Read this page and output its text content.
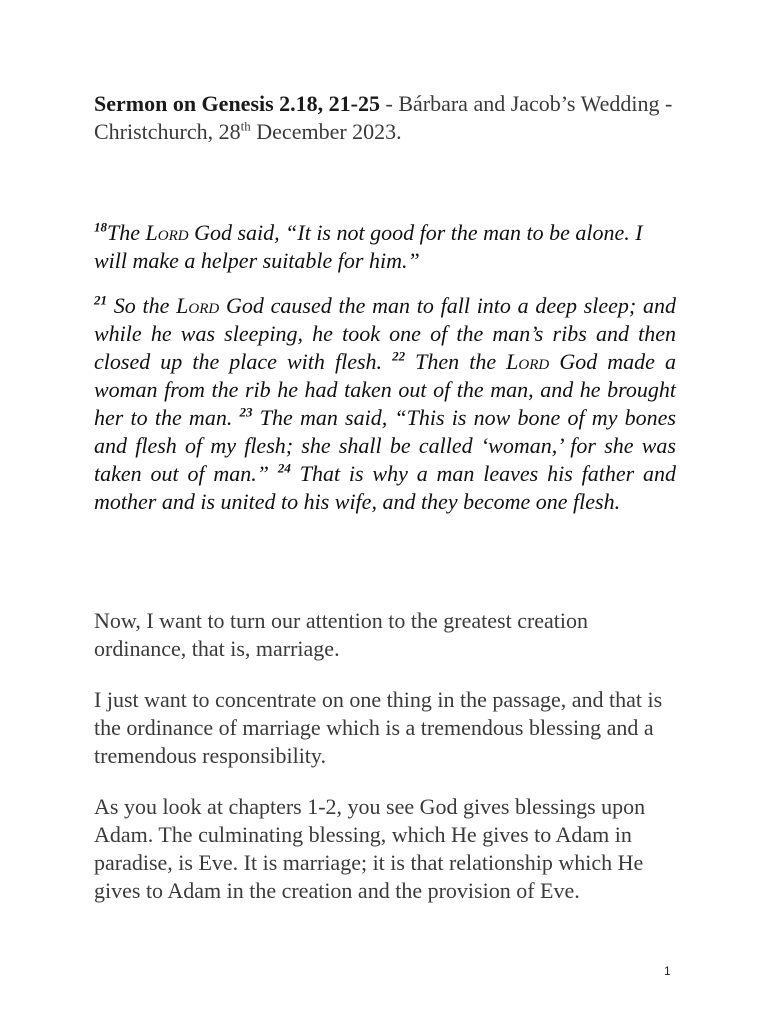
Sermon on Genesis 2.18, 21-25 - Bárbara and Jacob’s Wedding - Christchurch, 28th December 2023.

$^{18}$The Lord God said, “It is not good for the man to be alone. I will make a helper suitable for him.”

$^{21}$ So the Lord God caused the man to fall into a deep sleep; and while he was sleeping, he took one of the man’s ribs and then closed up the place with flesh. $^{22}$ Then the Lord God made a woman from the rib he had taken out of the man, and he brought her to the man. $^{23}$ The man said, “This is now bone of my bones and flesh of my flesh; she shall be called ‘woman,’ for she was taken out of man.” $^{24}$ That is why a man leaves his father and mother and is united to his wife, and they become one flesh.

Now, I want to turn our attention to the greatest creation ordinance, that is, marriage.

I just want to concentrate on one thing in the passage, and that is the ordinance of marriage which is a tremendous blessing and a tremendous responsibility.

As you look at chapters 1-2, you see God gives blessings upon Adam. The culminating blessing, which He gives to Adam in paradise, is Eve. It is marriage; it is that relationship which He gives to Adam in the creation and the provision of Eve.

1
